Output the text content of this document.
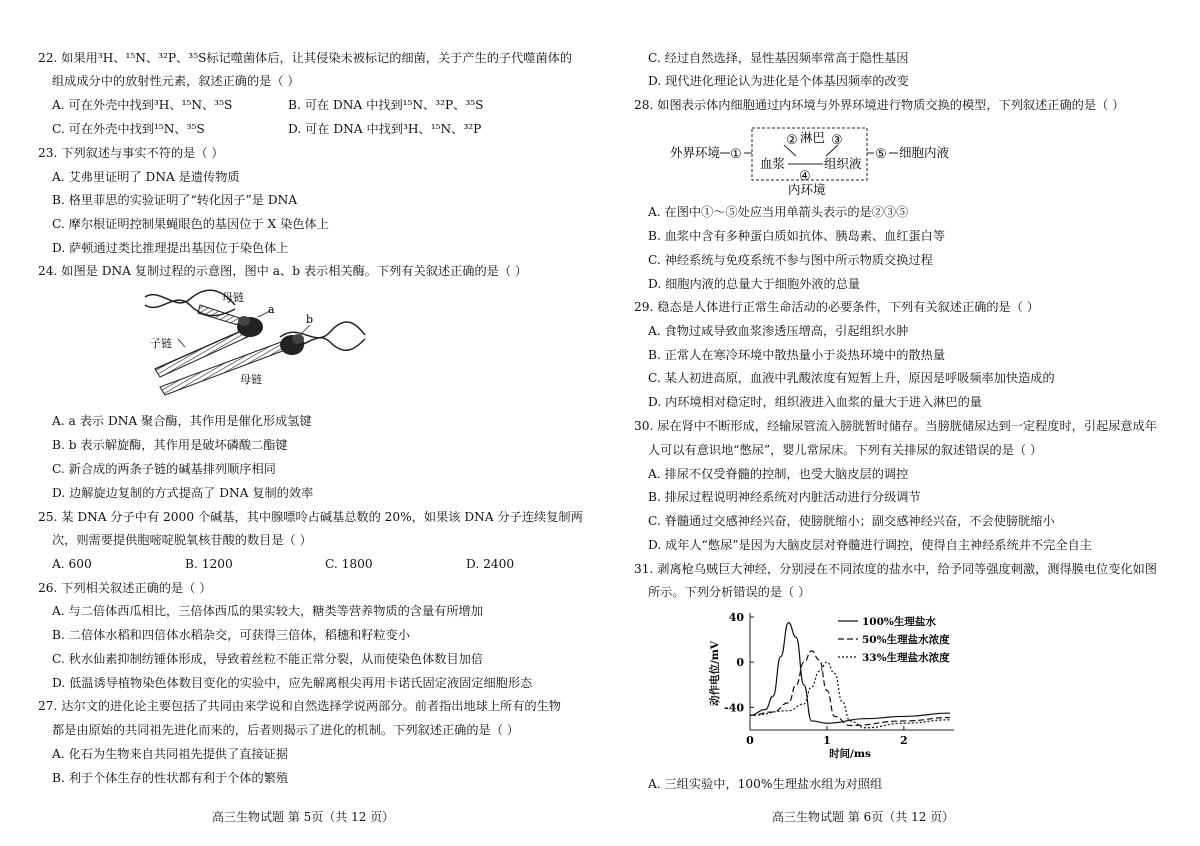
22. 如果用³H、¹⁵N、³²P、³⁵S标记噬菌体后，让其侵染未被标记的细菌，关于产生的子代噬菌体的
组成成分中的放射性元素，叙述正确的是（ ）
A. 可在外壳中找到³H、¹⁵N、³⁵S	B. 可在 DNA 中找到¹⁵N、³²P、³⁵S
C. 可在外壳中找到¹⁵N、³⁵S	D. 可在 DNA 中找到³H、¹⁵N、³²P
23. 下列叙述与事实不符的是（ ）
A. 艾弗里证明了 DNA 是遗传物质
B. 格里菲思的实验证明了“转化因子”是 DNA
C. 摩尔根证明控制果蝇眼色的基因位于 X 染色体上
D. 萨顿通过类比推理提出基因位于染色体上
24. 如图是 DNA 复制过程的示意图，图中 a、b 表示相关酶。下列有关叙述正确的是（ ）
母链
a
b
子链
母链
A. a 表示 DNA 聚合酶，其作用是催化形成氢键
B. b 表示解旋酶，其作用是破坏磷酸二酯键
C. 新合成的两条子链的碱基排列顺序相同
D. 边解旋边复制的方式提高了 DNA 复制的效率
25. 某 DNA 分子中有 2000 个碱基，其中腺嘌呤占碱基总数的 20%，如果该 DNA 分子连续复制两
次，则需要提供胞嘧啶脱氧核苷酸的数目是（ ）
A. 600	B. 1200	C. 1800	D. 2400
26. 下列相关叙述正确的是（ ）
A. 与二倍体西瓜相比，三倍体西瓜的果实较大，糖类等营养物质的含量有所增加
B. 二倍体水稻和四倍体水稻杂交，可获得三倍体，稻穗和籽粒变小
C. 秋水仙素抑制纺锤体形成，导致着丝粒不能正常分裂，从而使染色体数目加倍
D. 低温诱导植物染色体数目变化的实验中，应先解离根尖再用卡诺氏固定液固定细胞形态
27. 达尔文的进化论主要包括了共同由来学说和自然选择学说两部分。前者指出地球上所有的生物
都是由原始的共同祖先进化而来的，后者则揭示了进化的机制。下列叙述正确的是（ ）
A. 化石为生物来自共同祖先提供了直接证据
B. 利于个体生存的性状都有利于个体的繁殖
高三生物试题 第 5页（共 12 页）
C. 经过自然选择，显性基因频率常高于隐性基因
D. 现代进化理论认为进化是个体基因频率的改变
28. 如图表示体内细胞通过内环境与外界环境进行物质交换的模型，下列叙述正确的是（ ）
外界环境 ①
② 淋巴 ③
血浆	组织液
④
⑤ 细胞内液
内环境
A. 在图中①～⑤处应当用单箭头表示的是②③⑤
B. 血浆中含有多种蛋白质如抗体、胰岛素、血红蛋白等
C. 神经系统与免疫系统不参与图中所示物质交换过程
D. 细胞内液的总量大于细胞外液的总量
29. 稳态是人体进行正常生命活动的必要条件，下列有关叙述正确的是（ ）
A. 食物过咸导致血浆渗透压增高，引起组织水肿
B. 正常人在寒冷环境中散热量小于炎热环境中的散热量
C. 某人初进高原，血液中乳酸浓度有短暂上升，原因是呼吸频率加快造成的
D. 内环境相对稳定时，组织液进入血浆的量大于进入淋巴的量
30. 尿在肾中不断形成，经输尿管流入膀胱暂时储存。当膀胱储尿达到一定程度时，引起尿意成年
人可以有意识地“憋尿”，婴儿常尿床。下列有关排尿的叙述错误的是（ ）
A. 排尿不仅受脊髓的控制，也受大脑皮层的调控
B. 排尿过程说明神经系统对内脏活动进行分级调节
C. 脊髓通过交感神经兴奋，使膀胱缩小；副交感神经兴奋，不会使膀胱缩小
D. 成年人“憋尿”是因为大脑皮层对脊髓进行调控，使得自主神经系统并不完全自主
31. 剥离枪乌贼巨大神经，分别浸在不同浓度的盐水中，给予同等强度刺激，测得膜电位变化如图
所示。下列分析错误的是（ ）
40
0
-40
0	1	2
时间/ms
动作电位/mV
100%生理盐水
50%生理盐水浓度
33%生理盐水浓度
A. 三组实验中，100%生理盐水组为对照组
高三生物试题 第 6页（共 12 页）
